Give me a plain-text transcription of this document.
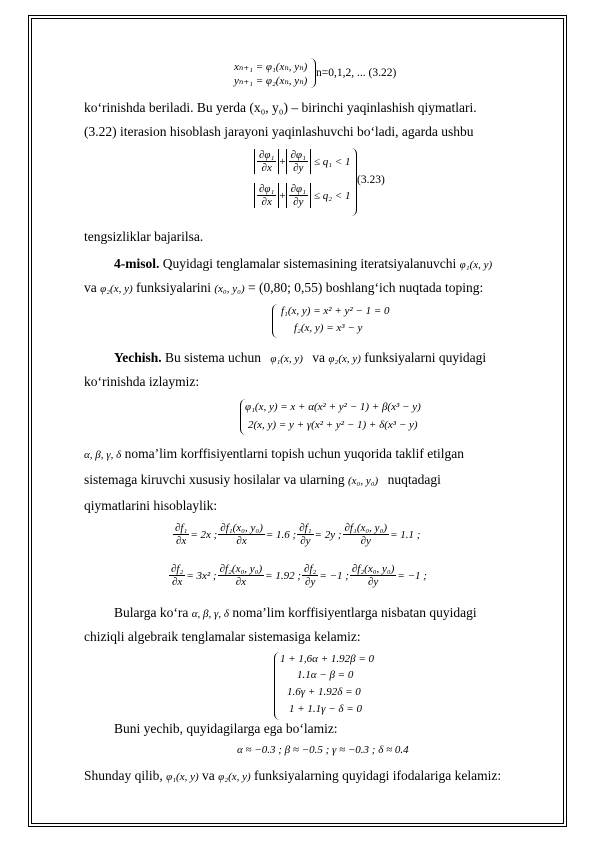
xₙ₊₁ = φ₁(xₙ, yₙ)
yₙ₊₁ = φ₂(xₙ, yₙ)
n=0,1,2, ... (3.22)
ko‘rinishda beriladi. Bu yerda (x₀, y₀) – birinchi yaqinlashish qiymatlari.
(3.22) iterasion hisoblash jarayoni yaqinlashuvchi bo‘ladi, agarda ushbu
$\frac{\text{∂φ₁}}{\partial x} + \frac{\text{∂φ₁}}{\partial y} \le q_1 < 1$
$\frac{\text{∂φ₁}}{\partial x} + \frac{\text{∂φ₁}}{\partial y} \le q_2 < 1$
(3.23)
tengsizliklar bajarilsa.
4-misol. Quyidagi tenglamalar sistemasining iteratsiyalanuvchi φ₁(x, y)
va φ₂(x, y) funksiyalarini (x₀, y₀) = (0,80; 0,55) boshlang‘ich nuqtada toping:
f₁(x, y) = x² + y² − 1 = 0
f₂(x, y) = x³ − y
Yechish. Bu sistema uchun φ₁(x, y) va φ₂(x, y) funksiyalarni quyidagi
ko‘rinishda izlaymiz:
φ₁(x, y) = x + α(x² + y² − 1) + β(x³ − y)
2(x, y) = y + γ(x² + y² − 1) + δ(x³ − y)
α, β, γ, δ noma’lim korffisiyentlarni topish uchun yuqorida taklif etilgan
sistemaga kiruvchi xususiy hosilalar va ularning (x₀, y₀) nuqtadagi
qiymatlarini hisoblaylik:
$\frac{\text{∂f₁}}{\partial x} = 2x$ ; $\frac{\text{∂f₁(x₀, y₀)}}{\partial x} = 1.6$ ; $\frac{\text{∂f₁}}{\partial y} = 2y$ ; $\frac{\text{∂f₁(x₀, y₀)}}{\partial y} = 1.1$ ;
$\frac{\text{∂f₂}}{\partial x} = 3x^2$ ; $\frac{\text{∂f₂(x₀, y₀)}}{\partial x} = 1.92$ ; $\frac{\text{∂f₂}}{\partial y} = -1$ ; $\frac{\text{∂f₂(x₀, y₀)}}{\partial y} = -1$ ;
Bularga ko‘ra α, β, γ, δ noma’lim korffisiyentlarga nisbatan quyidagi
chiziqli algebraik tenglamalar sistemasiga kelamiz:
1 + 1,6α + 1.92β = 0
1.1α − β = 0
1.6γ + 1.92δ = 0
1 + 1.1γ − δ = 0
Buni yechib, quyidagilarga ega bo‘lamiz:
α ≈ −0.3 ; β ≈ −0.5 ; γ ≈ −0.3 ; δ ≈ 0.4
Shunday qilib, φ₁(x, y) va φ₂(x, y) funksiyalarning quyidagi ifodalariga kelamiz:
